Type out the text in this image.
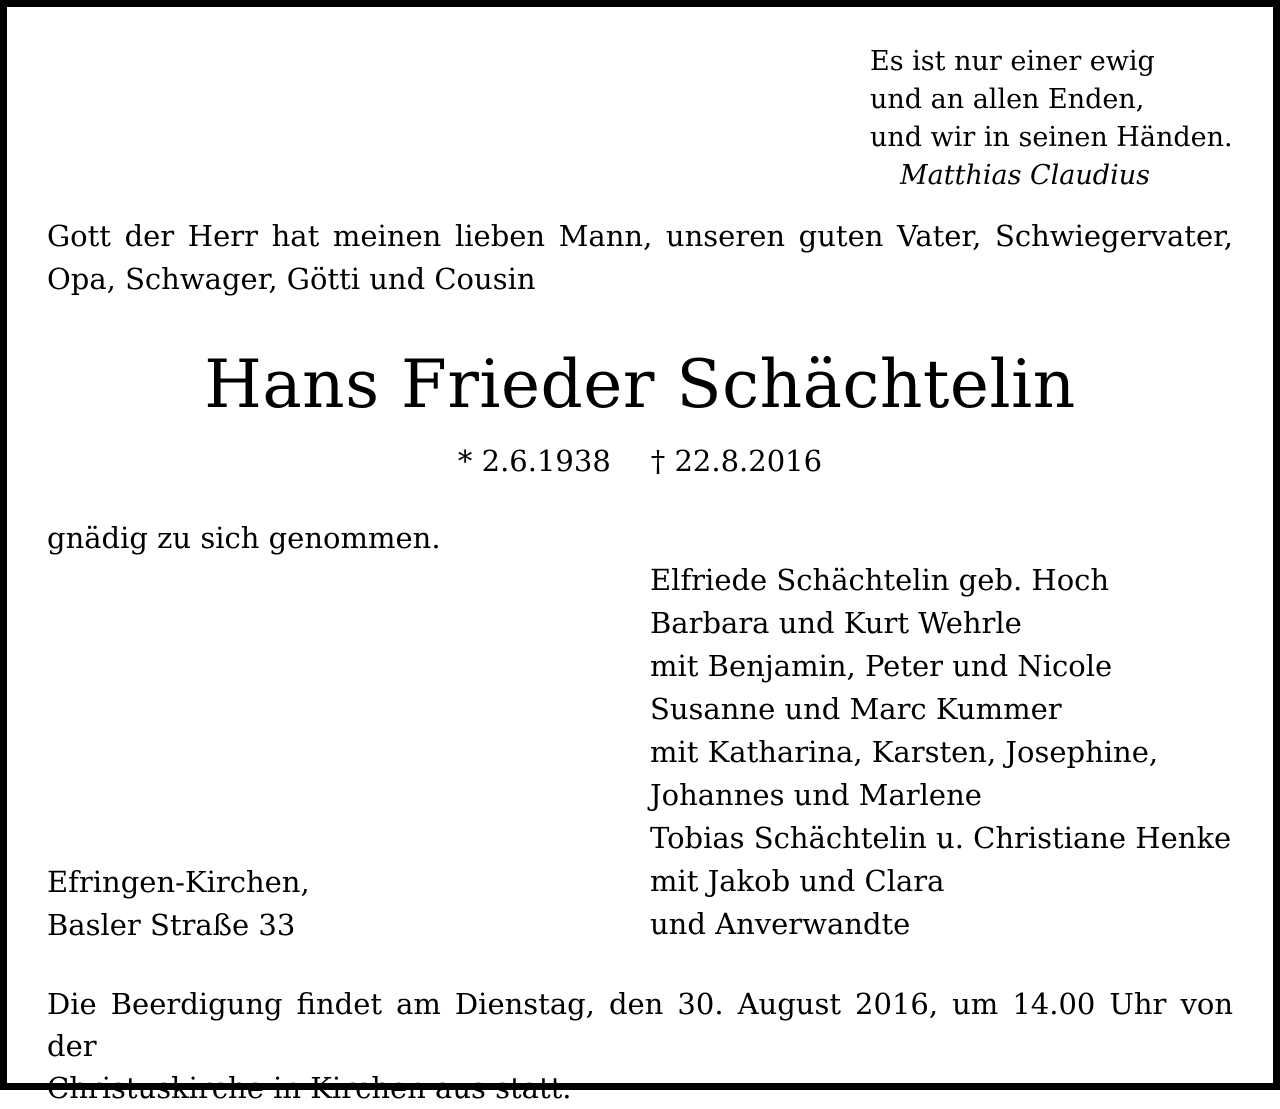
Es ist nur einer ewig
und an allen Enden,
und wir in seinen Händen.
Matthias Claudius
Gott der Herr hat meinen lieben Mann, unseren guten Vater, Schwiegervater,
Opa, Schwager, Götti und Cousin
Hans Frieder Schächtelin
* 2.6.1938 † 22.8.2016
gnädig zu sich genommen.
Elfriede Schächtelin geb. Hoch
Barbara und Kurt Wehrle
mit Benjamin, Peter und Nicole
Susanne und Marc Kummer
mit Katharina, Karsten, Josephine,
Johannes und Marlene
Tobias Schächtelin u. Christiane Henke
mit Jakob und Clara
und Anverwandte
Efringen-Kirchen,
Basler Straße 33
Die Beerdigung findet am Dienstag, den 30. August 2016, um 14.00 Uhr von der
Christuskirche in Kirchen aus statt.
